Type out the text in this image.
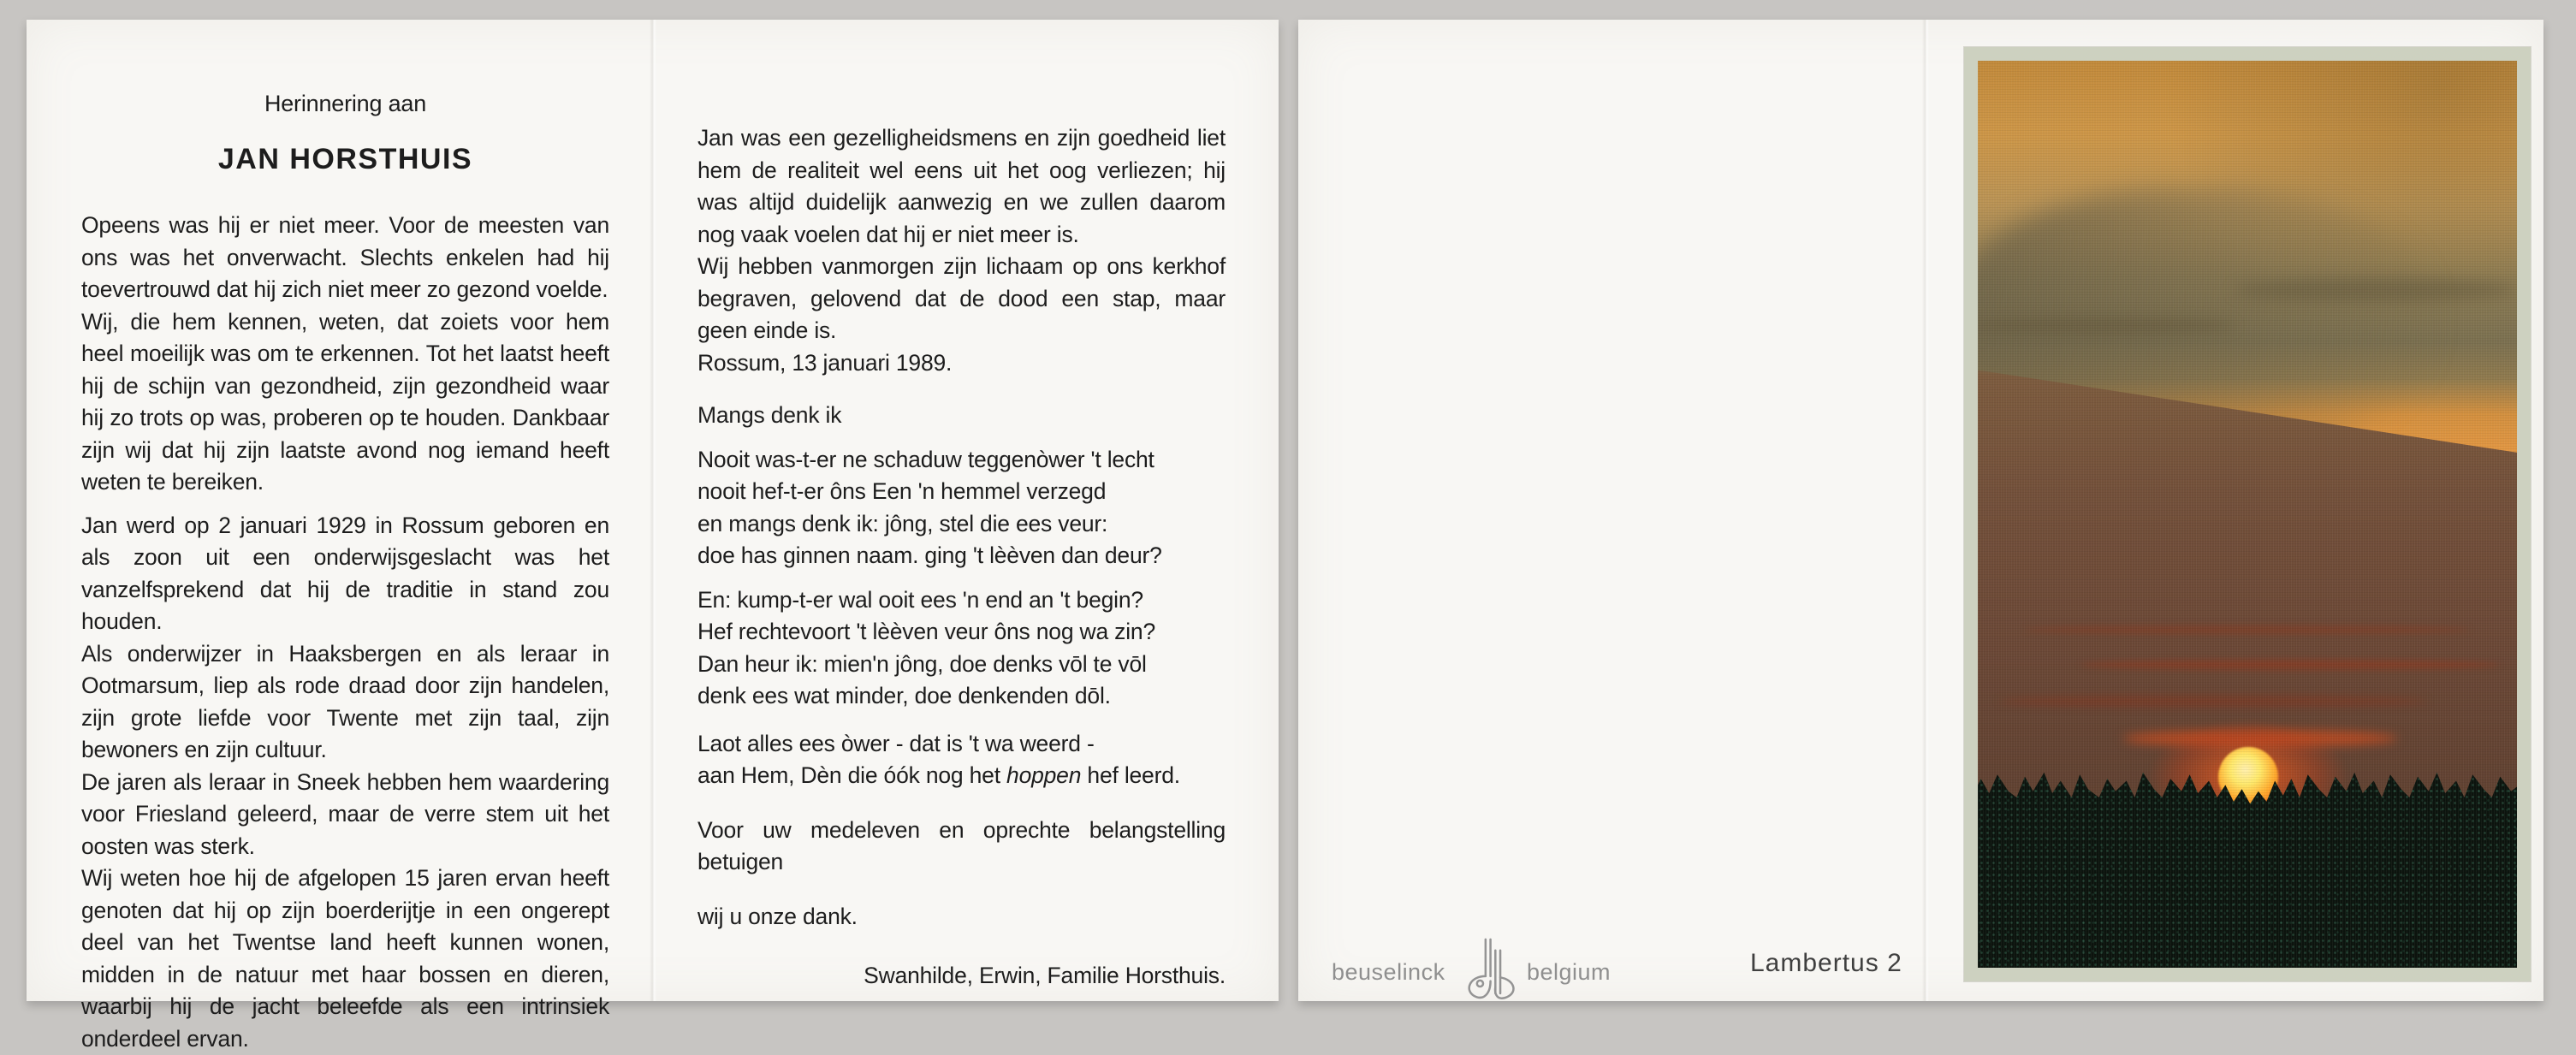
Herinnering aan
JAN HORSTHUIS

Opeens was hij er niet meer. Voor de meesten van ons was het onverwacht. Slechts enkelen had hij toevertrouwd dat hij zich niet meer zo gezond voelde.

Wij, die hem kennen, weten, dat zoiets voor hem heel moeilijk was om te erkennen. Tot het laatst heeft hij de schijn van gezondheid, zijn gezondheid waar hij zo trots op was, proberen op te houden. Dankbaar zijn wij dat hij zijn laatste avond nog iemand heeft weten te bereiken.

Jan werd op 2 januari 1929 in Rossum geboren en als zoon uit een onderwijsgeslacht was het vanzelfsprekend dat hij de traditie in stand zou houden.

Als onderwijzer in Haaksbergen en als leraar in Ootmarsum, liep als rode draad door zijn handelen, zijn grote liefde voor Twente met zijn taal, zijn bewoners en zijn cultuur.

De jaren als leraar in Sneek hebben hem waardering voor Friesland geleerd, maar de verre stem uit het oosten was sterk.

Wij weten hoe hij de afgelopen 15 jaren ervan heeft genoten dat hij op zijn boerderijtje in een ongerept deel van het Twentse land heeft kunnen wonen, midden in de natuur met haar bossen en dieren, waarbij hij de jacht beleefde als een intrinsiek onderdeel ervan.

Jan was een gezelligheidsmens en zijn goedheid liet hem de realiteit wel eens uit het oog verliezen; hij was altijd duidelijk aanwezig en we zullen daarom nog vaak voelen dat hij er niet meer is.

Wij hebben vanmorgen zijn lichaam op ons kerkhof begraven, gelovend dat de dood een stap, maar geen einde is.

Rossum, 13 januari 1989.

Mangs denk ik
Nooit was-t-er ne schaduw teggenòwer 't lecht
nooit hef-t-er ôns Een 'n hemmel verzegd
en mangs denk ik: jông, stel die ees veur:
doe has ginnen naam. ging 't lèèven dan deur?
En: kump-t-er wal ooit ees 'n end an 't begin?
Hef rechtevoort 't lèèven veur ôns nog wa zin?
Dan heur ik: mien'n jông, doe denks vōl te vōl
denk ees wat minder, doe denkenden dōl.
Laot alles ees òwer - dat is 't wa weerd -
aan Hem, Dèn die óók nog het hoppen hef leerd.

Voor uw medeleven en oprechte belangstelling betuigen

wij u onze dank.

Swanhilde, Erwin, Familie Horsthuis.	beuselinck	belgium	Lambertus 2
